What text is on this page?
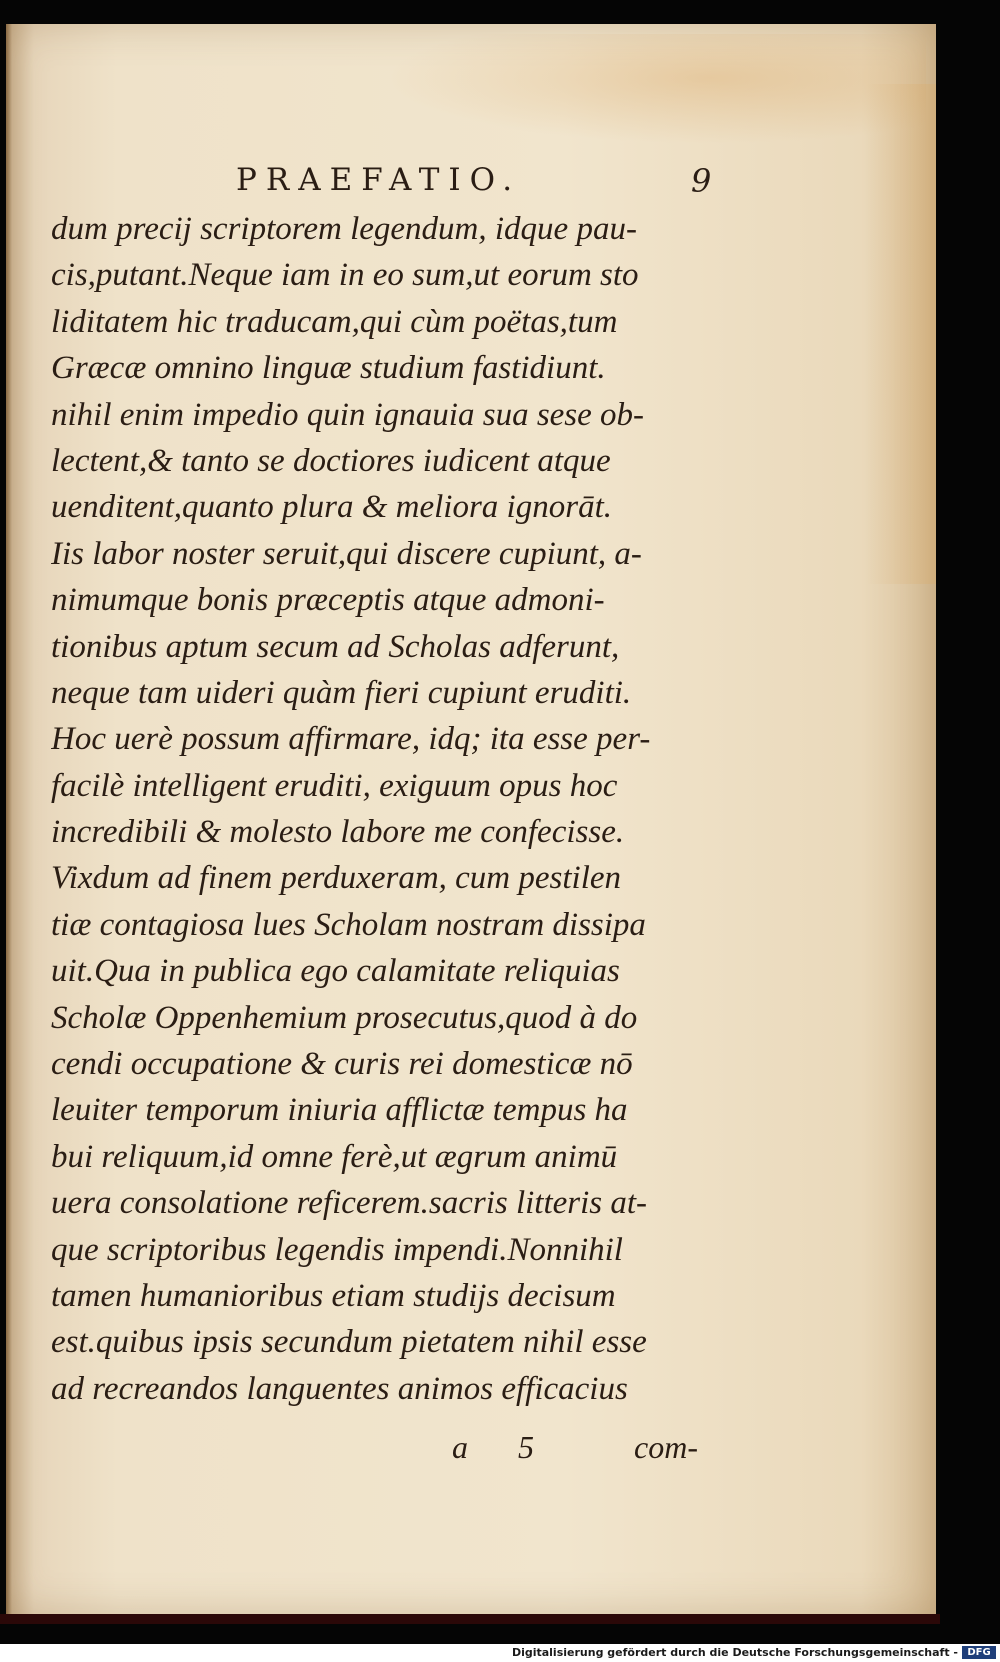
PRAEFATIO.	9
dum precij scriptorem legendum, idque pau-
cis,putant.Neque iam in eo sum,ut eorum sto
liditatem hic traducam,qui cùm poëtas,tum
Græcæ omnino linguæ studium fastidiunt.
nihil enim impedio quin ignauia sua sese ob-
lectent,& tanto se doctiores iudicent atque
uenditent,quanto plura & meliora ignorāt.
Iis labor noster seruit,qui discere cupiunt, a-
nimumque bonis præceptis atque admoni-
tionibus aptum secum ad Scholas adferunt,
neque tam uideri quàm fieri cupiunt eruditi.
Hoc uerè possum affirmare, idq; ita esse per-
facilè intelligent eruditi, exiguum opus hoc
incredibili & molesto labore me confecisse.
Vixdum ad finem perduxeram, cum pestilen
tiæ contagiosa lues Scholam nostram dissipa
uit.Qua in publica ego calamitate reliquias
Scholæ Oppenhemium prosecutus,quod à do
cendi occupatione & curis rei domesticæ nō
leuiter temporum iniuria afflictæ tempus ha
bui reliquum,id omne ferè,ut ægrum animū
uera consolatione reficerem.sacris litteris at-
que scriptoribus legendis impendi.Nonnihil
tamen humanioribus etiam studijs decisum
est.quibus ipsis secundum pietatem nihil esse
ad recreandos languentes animos efficacius
a 5	com-
Digitalisierung gefördert durch die Deutsche Forschungsgemeinschaft - DFG
